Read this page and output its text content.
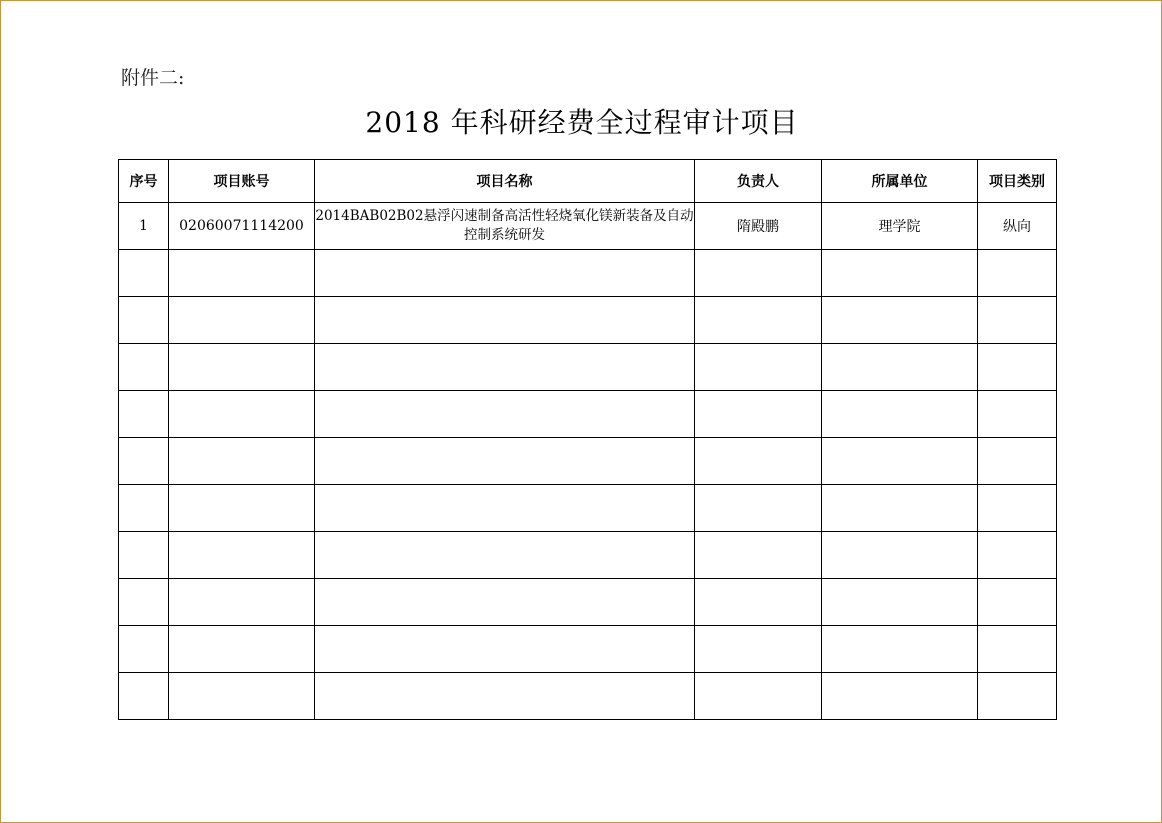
附件二:
2018 年科研经费全过程审计项目
序号	项目账号	项目名称	负责人	所属单位	项目类别
1	02060071114200	2014BAB02B02悬浮闪速制备高活性轻烧氧化镁新装备及自动控制系统研发	隋殿鹏	理学院	纵向
